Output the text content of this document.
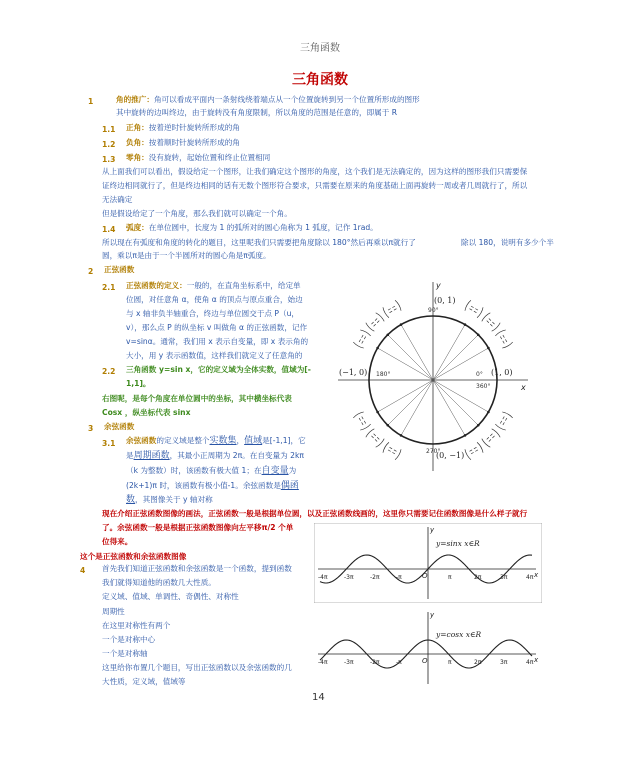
三角函数
三角函数
1	角的推广：角可以看成平面内一条射线绕着端点从一个位置旋转到另一个位置所形成的图形
其中旋转的边叫终边，由于旋转没有角度限制，所以角度的范围是任意的，即属于 R
1.1 正角：按着逆时针旋转所形成的角
1.2 负角：按着顺时针旋转所形成的角
1.3 零角：没有旋转，起始位置和终止位置相同
从上面我们可以看出，假设给定一个图形，让我们确定这个图形的角度，这个我们是无法确定的，因为这样的图形我们只需要保
证终边相同就行了，但是终边相同的话有无数个图形符合要求，只需要在原来的角度基础上面再旋转一周或者几周就行了，所以
无法确定
但是假设给定了一个角度，那么我们就可以确定一个角。
1.4 弧度：在单位圆中，长度为 1 的弧所对的圆心角称为 1 弧度，记作 1rad。
所以现在有弧度和角度的转化的题目，这里呢我们只需要把角度除以 180°然后再乘以π就行了	除以 180，说明有多少个半
圆，乘以π是由于一个半圆所对的圆心角是π弧度。
2 正弦函数
2.1 正弦函数的定义：一般的，在直角坐标系中，给定单
位圆，对任意角 α，使角 α 的顶点与原点重合，始边
与 x 轴非负半轴重合，终边与单位圆交于点 P（u，
v），那么点 P 的纵坐标 v 叫做角 α 的正弦函数，记作
v=sinα。通常，我们用 x 表示自变量，即 x 表示角的
大小，用 y 表示函数值，这样我们就定义了任意角的
2.2 三角函数 y=sin x，它的定义域为全体实数，值域为[-
1,1]。
右图呢，是每个角度在单位圆中的坐标，其中横坐标代表
Cosx ，纵坐标代表 sinx
3 余弦函数
3.1 余弦函数的定义域是整个实数集，值域是[-1,1]，它
是周期函数，其最小正周期为 2π。在自变量为 2kπ
（k 为整数）时，该函数有极大值 1；在自变量为
(2k+1)π 时，该函数有极小值-1。余弦函数是偶函
数，其图像关于 y 轴对称
现在介绍正弦函数图像的画法，正弦函数一般是根据单位圆，以及正弦函数线画的，这里你只需要记住函数图像是什么样子就行
了。余弦函数一般是根据正弦函数图像向左平移π/2 个单
位得来。
这个是正弦函数和余弦函数图像
4 首先我们知道正弦函数和余弦函数是一个函数，提到函数
我们就得知道他的函数几大性质。
定义域、值域、单调性、奇偶性、对称性
周期性
在这里对称性有两个
一个是对称中心
一个是对称轴
这里给你布置几个题目，写出正弦函数以及余弦函数的几
大性质，定义域，值域等
90°
180°
270°
0°
360°
(0, 1)
(1, 0)
(−1, 0)
(0, −1)
x
y
y=sinx x∈R
O
y
x
-4π	-3π	-2π	-π	π	2π	3π	4π
y=cosx x∈R
O
y
x
-4π	-3π	-2π	-π	π	2π	3π	4π
14
